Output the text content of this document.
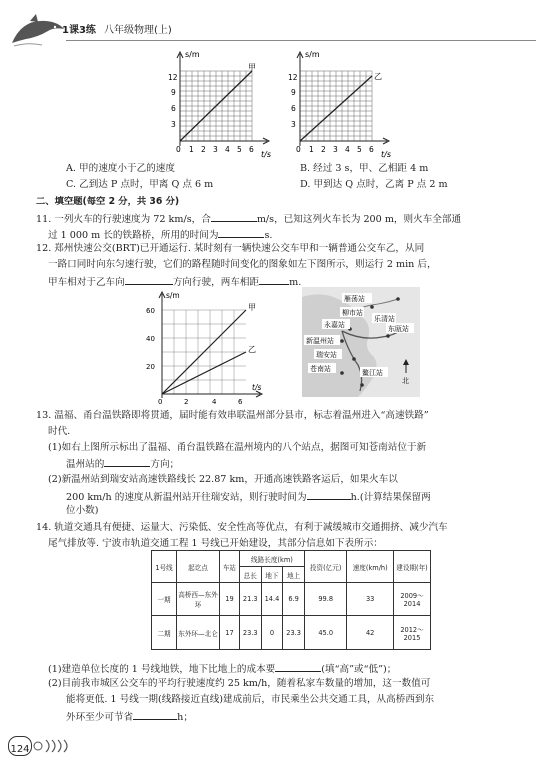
1课3练 八年级物理(上)
s/m
t/s
甲
12
9
6
3
0 1 2 3 4 5 6
s/m
t/s
乙
12
9
6
3
0 1 2 3 4 5 6
A. 甲的速度小于乙的速度	B. 经过 3 s，甲、乙相距 4 m
C. 乙到达 P 点时，甲离 Q 点 6 m	D. 甲到达 Q 点时，乙离 P 点 2 m
二、填空题(每空 2 分，共 36 分)
11. 一列火车的行驶速度为 72 km/s，合	m/s，已知这列火车长为 200 m，则火车全部通
过 1 000 m 长的铁路桥，所用的时间为	s.
12. 郑州快速公交(BRT)已开通运行. 某时刻有一辆快速公交车甲和一辆普通公交车乙，从同
一路口同时向东匀速行驶，它们的路程随时间变化的图象如左下图所示，则运行 2 min 后，
甲车相对于乙车向	方向行驶，两车相距	m.
s/m
t/s
甲
乙
60
40
20
0	2	4	6
雁荡站
柳市站
乐清站
东瓯站
永嘉站
新温州站
瑞安站
苍南站	鳌江站
北
13. 温福、甬台温铁路即将贯通，届时能有效串联温州部分县市，标志着温州进入“高速铁路”
时代.
(1)如右上图所示标出了温福、甬台温铁路在温州境内的八个站点，据图可知苍南站位于新
温州站的	方向；
(2)新温州站到瑞安站高速铁路线长 22.87 km，开通高速铁路客运后，如果火车以
200 km/h 的速度从新温州站开往瑞安站，则行驶时间为	h.(计算结果保留两
位小数)
14. 轨道交通具有便捷、运量大、污染低、安全性高等优点，有利于减缓城市交通拥挤、减少汽车
尾气排放等. 宁波市轨道交通工程 1 号线已开始建设，其部分信息如下表所示：
1号线	起讫点	车站	线路长度(km)			投资(亿元)	速度(km/h)	建设期(年)
			总长	地下	地上			
一期	高桥西—东外环	19	21.3	14.4	6.9	99.8	33	2009～2014
二期	东外环—北仑	17	23.3	0	23.3	45.0	42	2012～2015
(1)建造单位长度的 1 号线地铁，地下比地上的成本要	(填“高”或“低”)；
(2)目前我市城区公交车的平均行驶速度约 25 km/h，随着私家车数量的增加，这一数值可
能将更低. 1 号线一期(线路接近直线)建成前后，市民乘坐公共交通工具，从高桥西到东
外环至少可节省	h；
124
